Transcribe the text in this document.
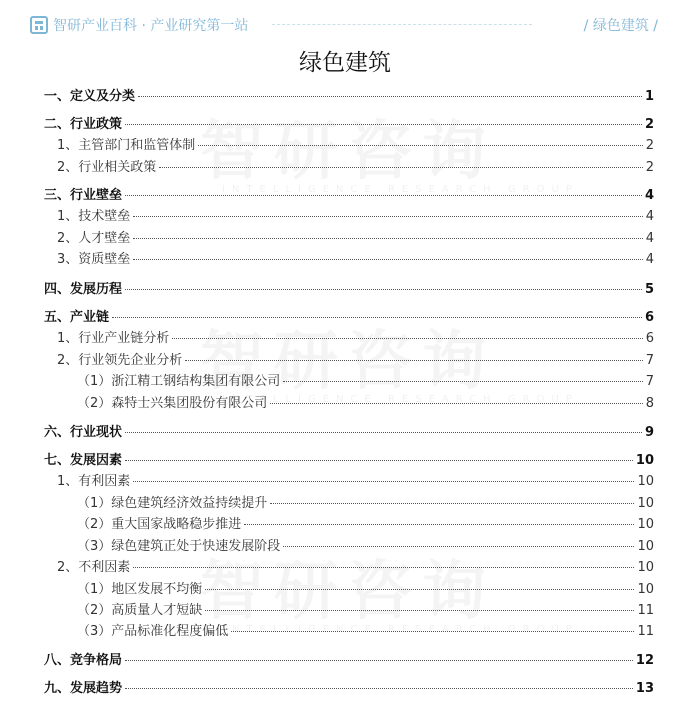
智研产业百科 · 产业研究第一站	/ 绿色建筑 /
绿色建筑
INTELLIGENCE RESEARCH GROUP
INTELLIGENCE RESEARCH GROUP
INTELLIGENCE RESEARCH GROUP
一、定义及分类	1
二、行业政策	2
1、主管部门和监管体制	2
2、行业相关政策	2
三、行业壁垒	4
1、技术壁垒	4
2、人才壁垒	4
3、资质壁垒	4
四、发展历程	5
五、产业链	6
1、行业产业链分析	6
2、行业领先企业分析	7
（1）浙江精工钢结构集团有限公司	7
（2）森特士兴集团股份有限公司	8
六、行业现状	9
七、发展因素	10
1、有利因素	10
（1）绿色建筑经济效益持续提升	10
（2）重大国家战略稳步推进	10
（3）绿色建筑正处于快速发展阶段	10
2、不利因素	10
（1）地区发展不均衡	10
（2）高质量人才短缺	11
（3）产品标准化程度偏低	11
八、竞争格局	12
九、发展趋势	13
